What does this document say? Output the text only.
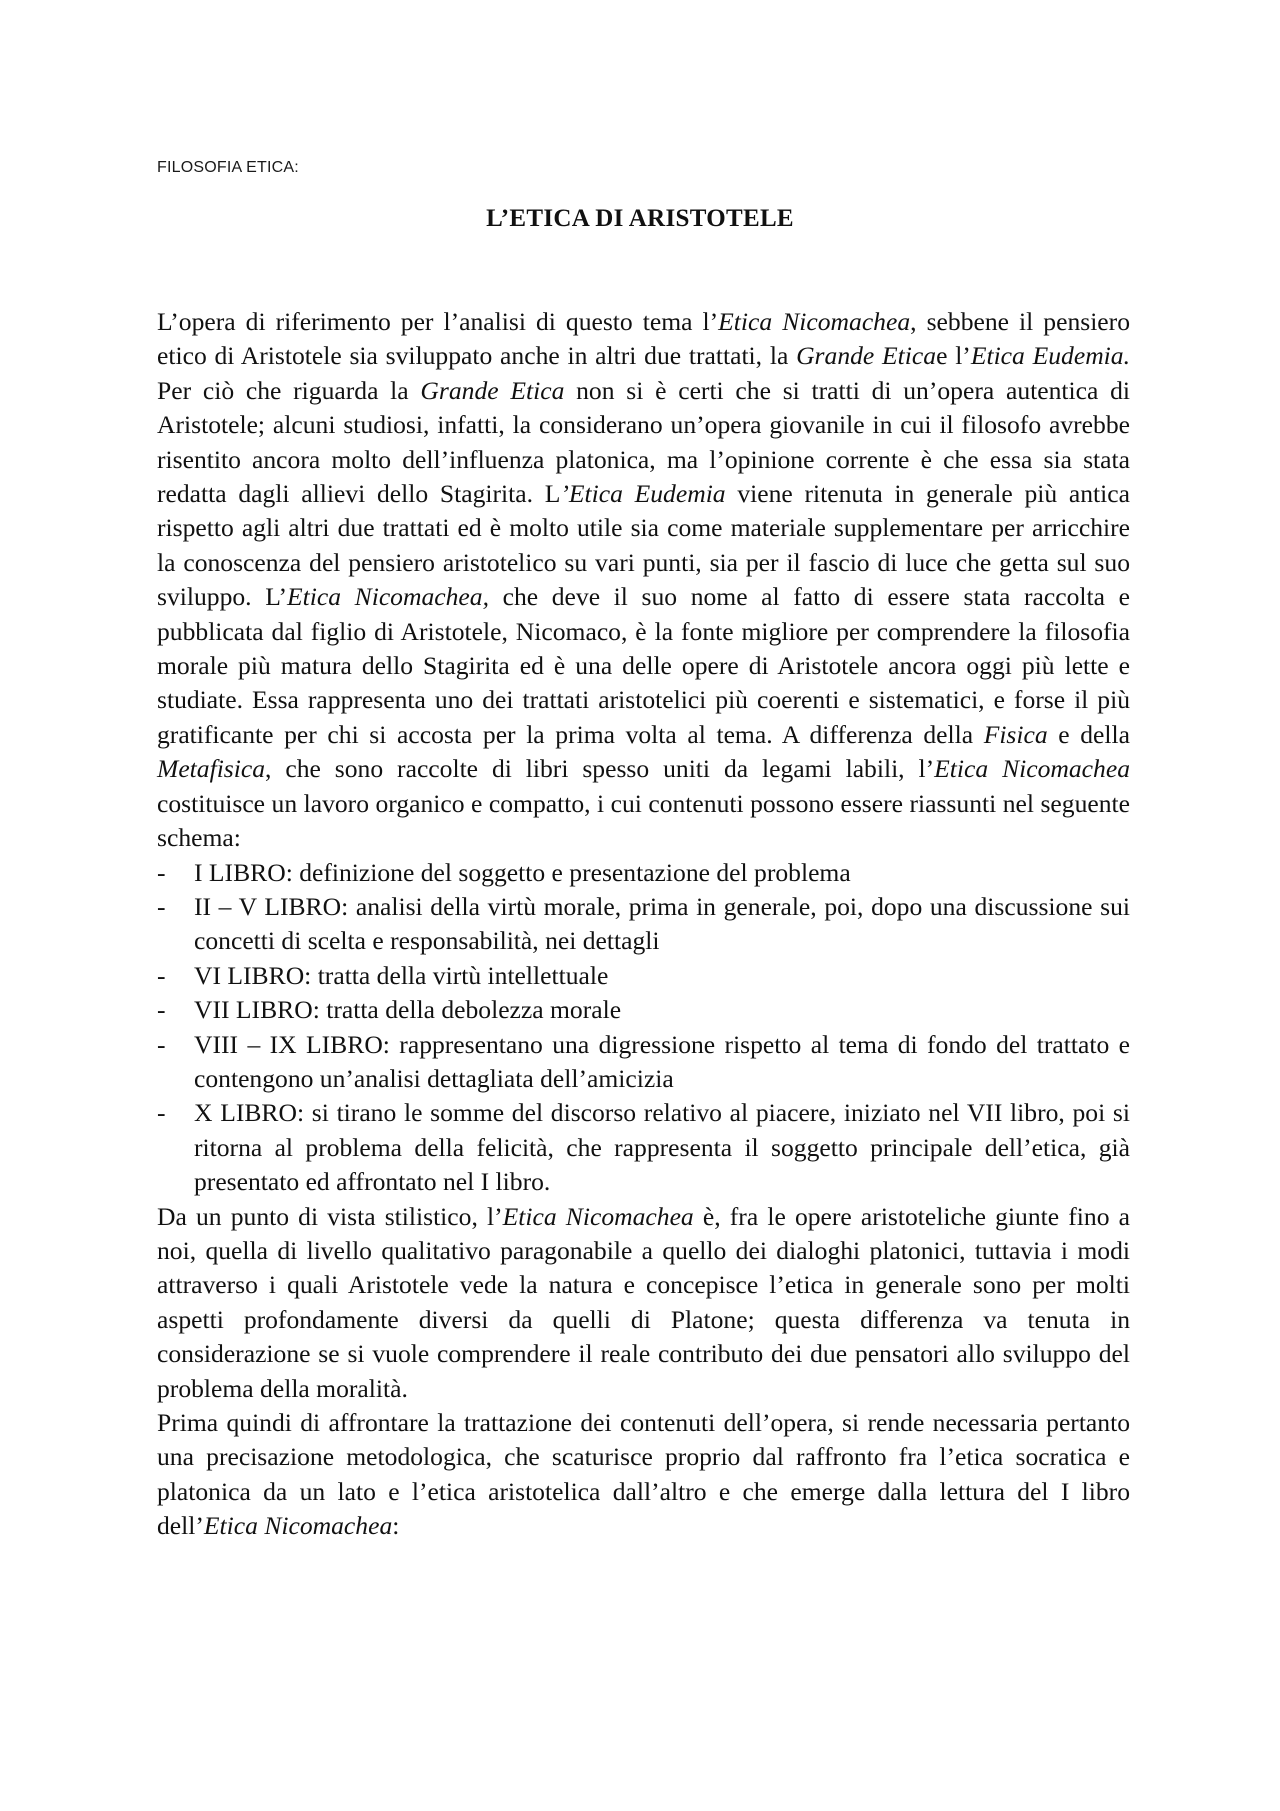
FILOSOFIA ETICA:
L’ETICA DI ARISTOTELE

L’opera di riferimento per l’analisi di questo tema l’Etica Nicomachea, sebbene il pensiero etico di Aristotele sia sviluppato anche in altri due trattati, la Grande Eticae l’Etica Eudemia. Per ciò che riguarda la Grande Etica non si è certi che si tratti di un’opera autentica di Aristotele; alcuni studiosi, infatti, la considerano un’opera giovanile in cui il filosofo avrebbe risentito ancora molto dell’influenza platonica, ma l’opinione corrente è che essa sia stata redatta dagli allievi dello Stagirita. L’Etica Eudemia viene ritenuta in generale più antica rispetto agli altri due trattati ed è molto utile sia come materiale supplementare per arricchire la conoscenza del pensiero aristotelico su vari punti, sia per il fascio di luce che getta sul suo sviluppo. L’Etica Nicomachea, che deve il suo nome al fatto di essere stata raccolta e pubblicata dal figlio di Aristotele, Nicomaco, è la fonte migliore per comprendere la filosofia morale più matura dello Stagirita ed è una delle opere di Aristotele ancora oggi più lette e studiate. Essa rappresenta uno dei trattati aristotelici più coerenti e sistematici, e forse il più gratificante per chi si accosta per la prima volta al tema. A differenza della Fisica e della Metafisica, che sono raccolte di libri spesso uniti da legami labili, l’Etica Nicomachea costituisce un lavoro organico e compatto, i cui contenuti possono essere riassunti nel seguente schema:

- I LIBRO: definizione del soggetto e presentazione del problema
- II – V LIBRO: analisi della virtù morale, prima in generale, poi, dopo una discussione sui concetti di scelta e responsabilità, nei dettagli
- VI LIBRO: tratta della virtù intellettuale
- VII LIBRO: tratta della debolezza morale
- VIII – IX LIBRO: rappresentano una digressione rispetto al tema di fondo del trattato e contengono un’analisi dettagliata dell’amicizia
- X LIBRO: si tirano le somme del discorso relativo al piacere, iniziato nel VII libro, poi si ritorna al problema della felicità, che rappresenta il soggetto principale dell’etica, già presentato ed affrontato nel I libro.

Da un punto di vista stilistico, l’Etica Nicomachea è, fra le opere aristoteliche giunte fino a noi, quella di livello qualitativo paragonabile a quello dei dialoghi platonici, tuttavia i modi attraverso i quali Aristotele vede la natura e concepisce l’etica in generale sono per molti aspetti profondamente diversi da quelli di Platone; questa differenza va tenuta in considerazione se si vuole comprendere il reale contributo dei due pensatori allo sviluppo del problema della moralità.

Prima quindi di affrontare la trattazione dei contenuti dell’opera, si rende necessaria pertanto una precisazione metodologica, che scaturisce proprio dal raffronto fra l’etica socratica e platonica da un lato e l’etica aristotelica dall’altro e che emerge dalla lettura del I libro dell’Etica Nicomachea:
